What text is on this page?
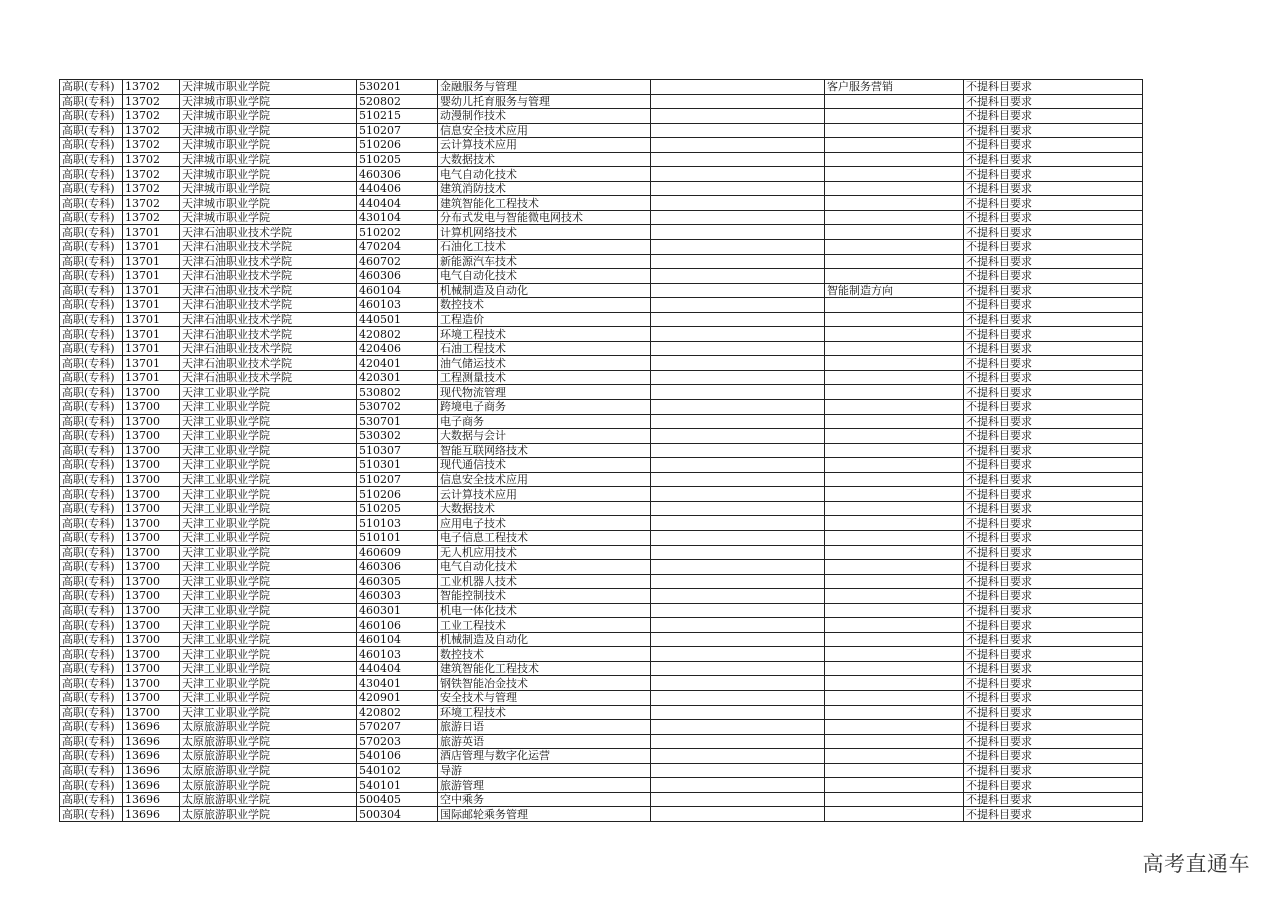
高职(专科)	13702	天津城市职业学院	530201	金融服务与管理		客户服务营销	不提科目要求
高职(专科)	13702	天津城市职业学院	520802	婴幼儿托育服务与管理			不提科目要求
高职(专科)	13702	天津城市职业学院	510215	动漫制作技术			不提科目要求
高职(专科)	13702	天津城市职业学院	510207	信息安全技术应用			不提科目要求
高职(专科)	13702	天津城市职业学院	510206	云计算技术应用			不提科目要求
高职(专科)	13702	天津城市职业学院	510205	大数据技术			不提科目要求
高职(专科)	13702	天津城市职业学院	460306	电气自动化技术			不提科目要求
高职(专科)	13702	天津城市职业学院	440406	建筑消防技术			不提科目要求
高职(专科)	13702	天津城市职业学院	440404	建筑智能化工程技术			不提科目要求
高职(专科)	13702	天津城市职业学院	430104	分布式发电与智能微电网技术			不提科目要求
高职(专科)	13701	天津石油职业技术学院	510202	计算机网络技术			不提科目要求
高职(专科)	13701	天津石油职业技术学院	470204	石油化工技术			不提科目要求
高职(专科)	13701	天津石油职业技术学院	460702	新能源汽车技术			不提科目要求
高职(专科)	13701	天津石油职业技术学院	460306	电气自动化技术			不提科目要求
高职(专科)	13701	天津石油职业技术学院	460104	机械制造及自动化		智能制造方向	不提科目要求
高职(专科)	13701	天津石油职业技术学院	460103	数控技术			不提科目要求
高职(专科)	13701	天津石油职业技术学院	440501	工程造价			不提科目要求
高职(专科)	13701	天津石油职业技术学院	420802	环境工程技术			不提科目要求
高职(专科)	13701	天津石油职业技术学院	420406	石油工程技术			不提科目要求
高职(专科)	13701	天津石油职业技术学院	420401	油气储运技术			不提科目要求
高职(专科)	13701	天津石油职业技术学院	420301	工程测量技术			不提科目要求
高职(专科)	13700	天津工业职业学院	530802	现代物流管理			不提科目要求
高职(专科)	13700	天津工业职业学院	530702	跨境电子商务			不提科目要求
高职(专科)	13700	天津工业职业学院	530701	电子商务			不提科目要求
高职(专科)	13700	天津工业职业学院	530302	大数据与会计			不提科目要求
高职(专科)	13700	天津工业职业学院	510307	智能互联网络技术			不提科目要求
高职(专科)	13700	天津工业职业学院	510301	现代通信技术			不提科目要求
高职(专科)	13700	天津工业职业学院	510207	信息安全技术应用			不提科目要求
高职(专科)	13700	天津工业职业学院	510206	云计算技术应用			不提科目要求
高职(专科)	13700	天津工业职业学院	510205	大数据技术			不提科目要求
高职(专科)	13700	天津工业职业学院	510103	应用电子技术			不提科目要求
高职(专科)	13700	天津工业职业学院	510101	电子信息工程技术			不提科目要求
高职(专科)	13700	天津工业职业学院	460609	无人机应用技术			不提科目要求
高职(专科)	13700	天津工业职业学院	460306	电气自动化技术			不提科目要求
高职(专科)	13700	天津工业职业学院	460305	工业机器人技术			不提科目要求
高职(专科)	13700	天津工业职业学院	460303	智能控制技术			不提科目要求
高职(专科)	13700	天津工业职业学院	460301	机电一体化技术			不提科目要求
高职(专科)	13700	天津工业职业学院	460106	工业工程技术			不提科目要求
高职(专科)	13700	天津工业职业学院	460104	机械制造及自动化			不提科目要求
高职(专科)	13700	天津工业职业学院	460103	数控技术			不提科目要求
高职(专科)	13700	天津工业职业学院	440404	建筑智能化工程技术			不提科目要求
高职(专科)	13700	天津工业职业学院	430401	钢铁智能冶金技术			不提科目要求
高职(专科)	13700	天津工业职业学院	420901	安全技术与管理			不提科目要求
高职(专科)	13700	天津工业职业学院	420802	环境工程技术			不提科目要求
高职(专科)	13696	太原旅游职业学院	570207	旅游日语			不提科目要求
高职(专科)	13696	太原旅游职业学院	570203	旅游英语			不提科目要求
高职(专科)	13696	太原旅游职业学院	540106	酒店管理与数字化运营			不提科目要求
高职(专科)	13696	太原旅游职业学院	540102	导游			不提科目要求
高职(专科)	13696	太原旅游职业学院	540101	旅游管理			不提科目要求
高职(专科)	13696	太原旅游职业学院	500405	空中乘务			不提科目要求
高职(专科)	13696	太原旅游职业学院	500304	国际邮轮乘务管理			不提科目要求
高考直通车
